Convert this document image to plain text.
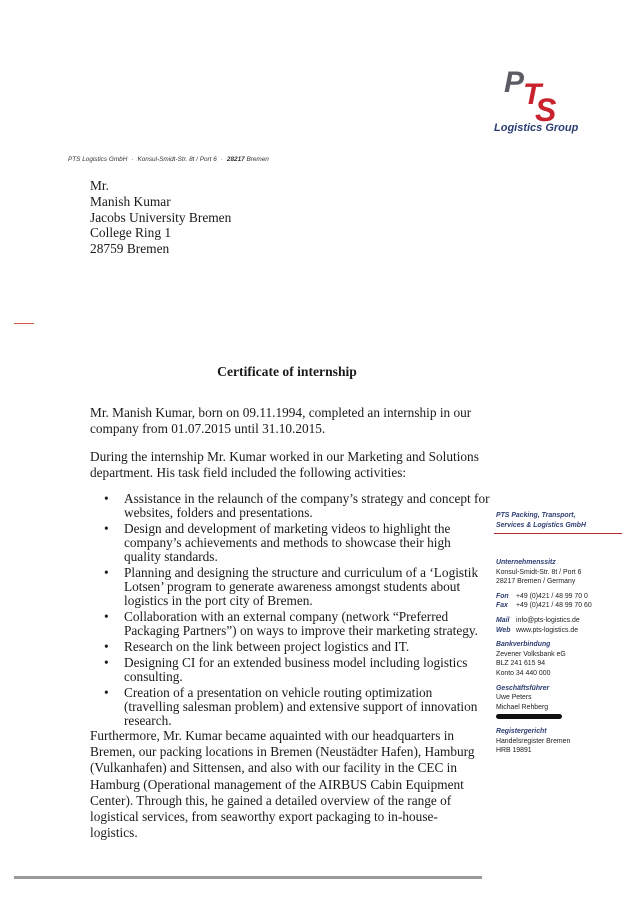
P
T
S
Logistics Group
PTS Logistics GmbH · Konsul-Smidt-Str. 8t / Port 6 · 28217 Bremen
Mr.
Manish Kumar
Jacobs University Bremen
College Ring 1
28759 Bremen
Certificate of internship
Mr. Manish Kumar, born on 09.11.1994, completed an internship in our company from 01.07.2015 until 31.10.2015.
During the internship Mr. Kumar worked in our Marketing and Solutions department. His task field included the following activities:
• Assistance in the relaunch of the company’s strategy and concept for websites, folders and presentations.
• Design and development of marketing videos to highlight the company’s achievements and methods to showcase their high quality standards.
• Planning and designing the structure and curriculum of a ‘Logistik Lotsen’ program to generate awareness amongst students about logistics in the port city of Bremen.
• Collaboration with an external company (network “Preferred Packaging Partners”) on ways to improve their marketing strategy.
• Research on the link between project logistics and IT.
• Designing CI for an extended business model including logistics consulting.
• Creation of a presentation on vehicle routing optimization (travelling salesman problem) and extensive support of innovation research.
Furthermore, Mr. Kumar became aquainted with our headquarters in Bremen, our packing locations in Bremen (Neustädter Hafen), Hamburg (Vulkanhafen) and Sittensen, and also with our facility in the CEC in Hamburg (Operational management of the AIRBUS Cabin Equipment Center). Through this, he gained a detailed overview of the range of logistical services, from seaworthy export packaging to in-house-logistics.
PTS Packing, Transport,
Services & Logistics GmbH
Unternehmenssitz
Konsul-Smidt-Str. 8t / Port 6
28217 Bremen / Germany
Fon +49 (0)421 / 48 99 70 0
Fax +49 (0)421 / 48 99 70 60
Mail info@pts-logistics.de
Web www.pts-logistics.de
Bankverbindung
Zevener Volksbank eG
BLZ 241 615 94
Konto 34 440 000
Geschäftsführer
Uwe Peters
Michael Rehberg
Registergericht
Handelsregister Bremen
HRB 19891
